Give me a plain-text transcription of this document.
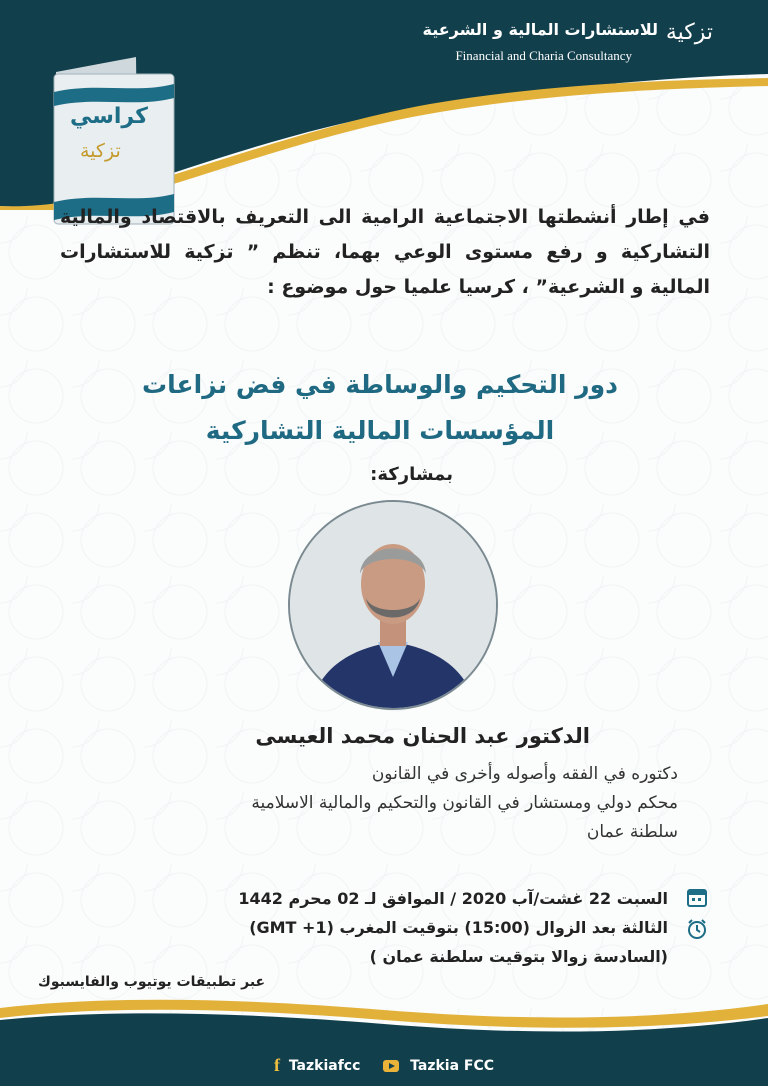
كراسي
تزكية
للاستشارات المالية و الشرعية
Financial and Charia Consultancy
تزكية
في إطار أنشطتها الاجتماعية الرامية الى التعريف بالاقتصاد والمالية التشاركية و رفع مستوى الوعي بهما، تنظم ” تزكية للاستشارات المالية و الشرعية” ، كرسيا علميا حول موضوع :
دور التحكيم والوساطة في فض نزاعات
المؤسسات المالية التشاركية
بمشاركة:
الدكتور عبد الحنان محمد العيسى
دكتوره في الفقه وأصوله وأخرى في القانون
محكم دولي ومستشار في القانون والتحكيم والمالية الاسلامية
سلطنة عمان
السبت 22 غشت/آب 2020 / الموافق لـ 02 محرم 1442
الثالثة بعد الزوال (15:00) بتوقيت المغرب (GMT +1)
(السادسة زوالا بتوقيت سلطنة عمان )
عبر تطبيقات يوتيوب والفايسبوك
f Tazkiafcc	Tazkia FCC
